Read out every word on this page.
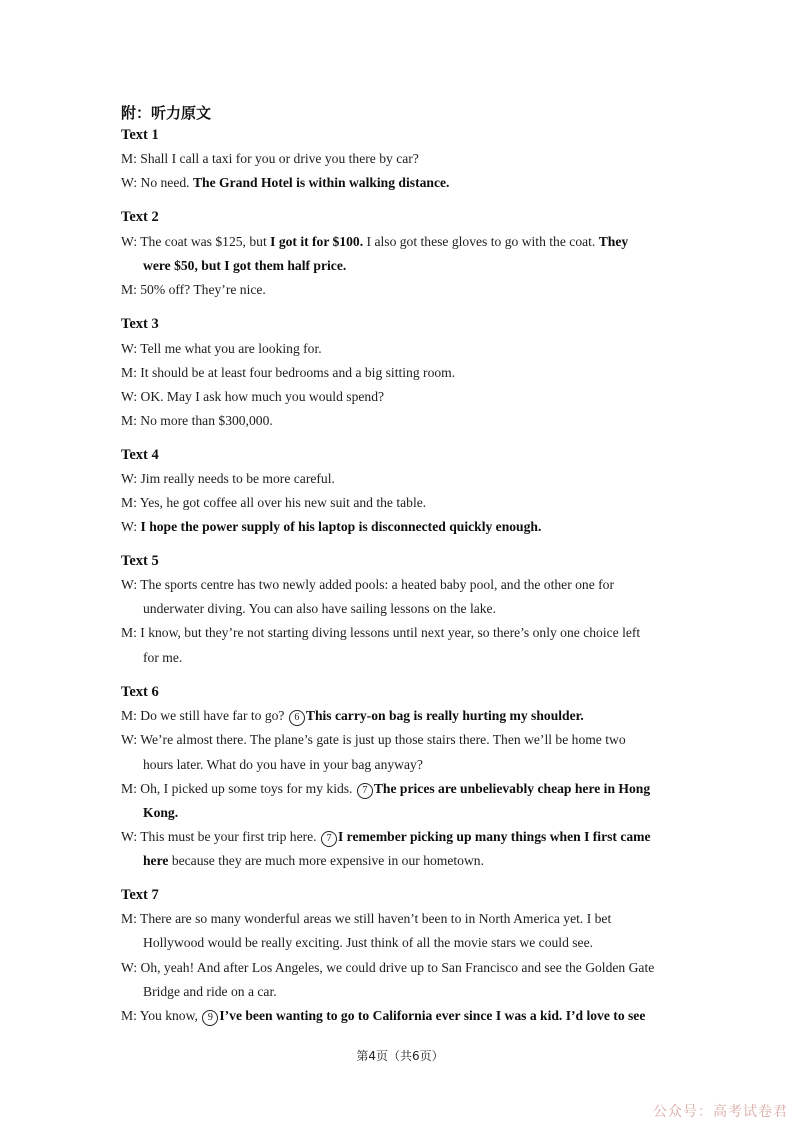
附：听力原文
Text 1
M: Shall I call a taxi for you or drive you there by car?
W: No need. The Grand Hotel is within walking distance.
Text 2
W: The coat was $125, but I got it for $100. I also got these gloves to go with the coat. They
were $50, but I got them half price.
M: 50% off? They’re nice.
Text 3
W: Tell me what you are looking for.
M: It should be at least four bedrooms and a big sitting room.
W: OK. May I ask how much you would spend?
M: No more than $300,000.
Text 4
W: Jim really needs to be more careful.
M: Yes, he got coffee all over his new suit and the table.
W: I hope the power supply of his laptop is disconnected quickly enough.
Text 5
W: The sports centre has two newly added pools: a heated baby pool, and the other one for
underwater diving. You can also have sailing lessons on the lake.
M: I know, but they’re not starting diving lessons until next year, so there’s only one choice left
for me.
Text 6
M: Do we still have far to go? 6 This carry-on bag is really hurting my shoulder.
W: We’re almost there. The plane’s gate is just up those stairs there. Then we’ll be home two
hours later. What do you have in your bag anyway?
M: Oh, I picked up some toys for my kids. 7 The prices are unbelievably cheap here in Hong
Kong.
W: This must be your first trip here. 7 I remember picking up many things when I first came
here because they are much more expensive in our hometown.
Text 7
M: There are so many wonderful areas we still haven’t been to in North America yet. I bet
Hollywood would be really exciting. Just think of all the movie stars we could see.
W: Oh, yeah! And after Los Angeles, we could drive up to San Francisco and see the Golden Gate
Bridge and ride on a car.
M: You know, 9 I’ve been wanting to go to California ever since I was a kid. I’d love to see
第4页（共6页）
公众号：高考试卷君
